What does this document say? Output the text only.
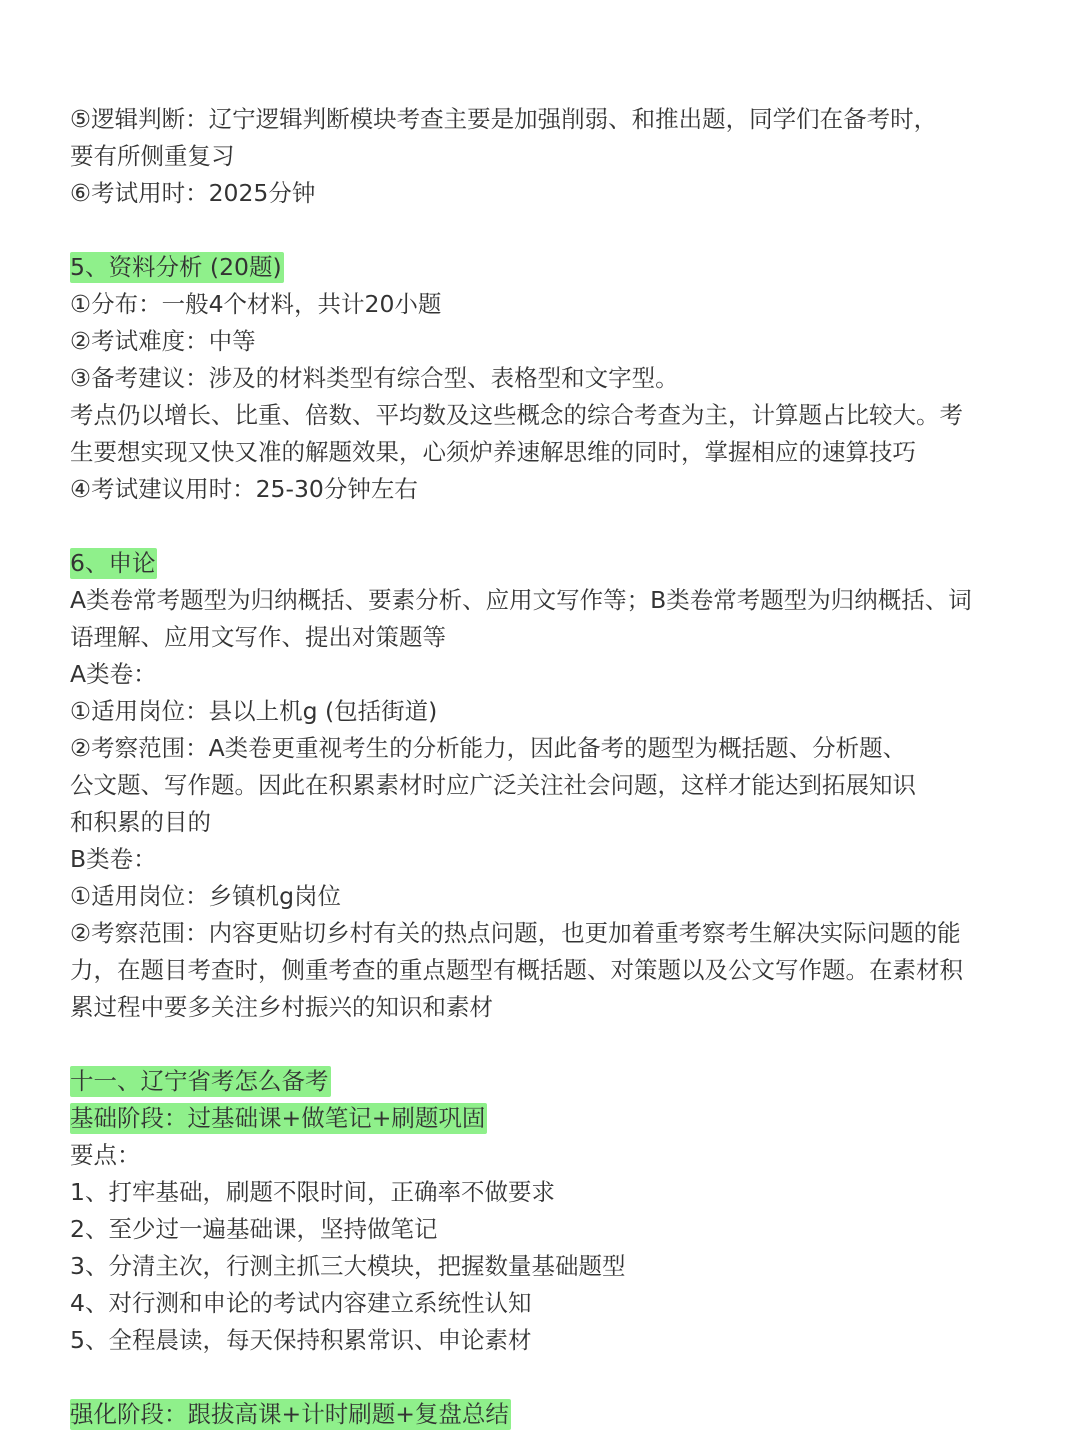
⑤逻辑判断：辽宁逻辑判断模块考查主要是加强削弱、和推出题，同学们在备考时，
要有所侧重复习
⑥考试用时：2025分钟
5、资料分析 (20题)
①分布：一般4个材料，共计20小题
②考试难度：中等
③备考建议：涉及的材料类型有综合型、表格型和文字型。
考点仍以增长、比重、倍数、平均数及这些概念的综合考查为主，计算题占比较大。考
生要想实现又快又准的解题效果，心须炉养速解思维的同时，掌握相应的速算技巧
④考试建议用时：25-30分钟左右
6、申论
A类卷常考题型为归纳概括、要素分析、应用文写作等；B类卷常考题型为归纳概括、词
语理解、应用文写作、提出对策题等
A类卷：
①适用岗位：县以上机g (包括街道)
②考察范围：A类卷更重视考生的分析能力，因此备考的题型为概括题、分析题、
公文题、写作题。因此在积累素材时应广泛关注社会问题，这样才能达到拓展知识
和积累的目的
B类卷：
①适用岗位：乡镇机g岗位
②考察范围：内容更贴切乡村有关的热点问题，也更加着重考察考生解决实际问题的能
力，在题目考查时，侧重考查的重点题型有概括题、对策题以及公文写作题。在素材积
累过程中要多关注乡村振兴的知识和素材
十一、辽宁省考怎么备考
基础阶段：过基础课+做笔记+刷题巩固
要点：
1、打牢基础，刷题不限时间，正确率不做要求
2、至少过一遍基础课，坚持做笔记
3、分清主次，行测主抓三大模块，把握数量基础题型
4、对行测和申论的考试内容建立系统性认知
5、全程晨读，每天保持积累常识、申论素材
强化阶段：跟拔高课+计时刷题+复盘总结
